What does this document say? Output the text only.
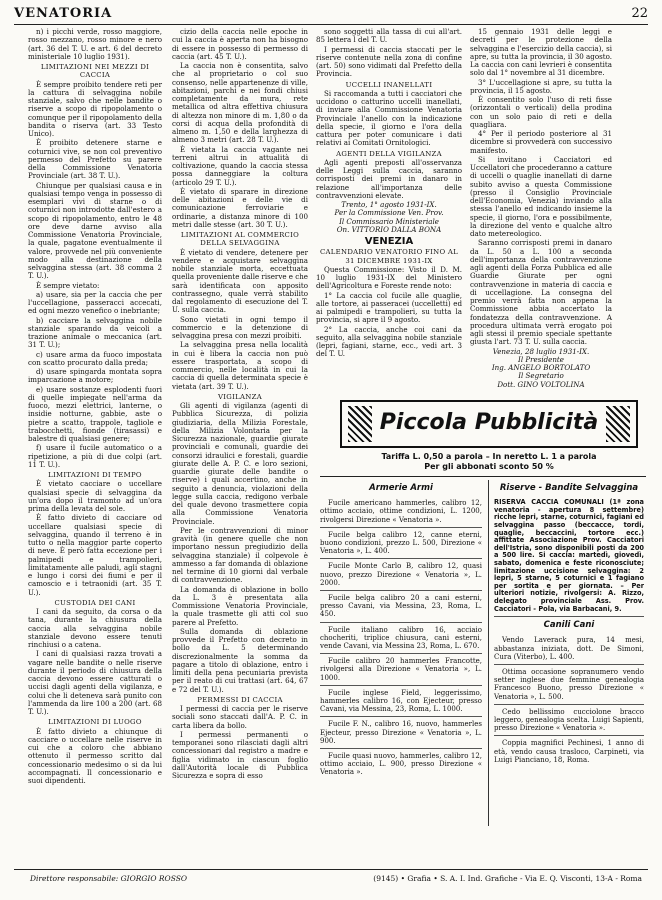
VENATORIA	22

n) i picchi verde, rosso maggiore, rosso mezzano, rosso minore e nero (art. 36 del T. U. e art. 6 del decreto ministeriale 10 luglio 1931).

LIMITAZIONI NEI MEZZI DI CACCIA

È sempre proibito tendere reti per la cattura di selvaggina nobile stanziale, salvo che nelle bandite o riserve a scopo di ripopolamento o comunque per il ripopolamento della bandita o riserva (art. 33 Testo Unico).

È proibito detenere starne e coturnici vive, se non col preventivo permesso del Prefetto su parere della Commissione Venatoria Provinciale (art. 38 T. U.).

Chiunque per qualsiasi causa e in qualsiasi tempo venga in possesso di esemplari vivi di starne o di coturnici non introdotte dall'estero a scopo di ripopolamento, entro le 48 ore deve darne avviso alla Commissione Venatoria Provinciale, la quale, pagatone eventualmente il valore, provvede nel più conveniente modo alla destinazione della selvaggina stessa (art. 38 comma 2 T. U.).

È sempre vietato:

a) usare, sia per la caccia che per l'uccellagione, passeracci accecati, ed ogni mezzo venefico o inebriante;

b) cacciare la selvaggina nobile stanziale sparando da veicoli a trazione animale o meccanica (art. 31 T. U.);

c) usare arma da fuoco impostata con scatto procurato dalla preda;

d) usare spingarda montata sopra imparcazione a motore;

e) usare sostanze esplodenti fuori di quelle impiegate nell'arma da fuoco, mezzi elettrici, lanterne, o insidie notturne, gabbie, aste o pietre a scatto, trappole, tagliole e trabocchetti, fionde (tirasassi) e balestre di qualsiasi genere;

f) usare il fucile automatico o a ripetizione, a più di due colpi (art. 11 T. U.).

LIMITAZIONI DI TEMPO

È vietato cacciare o uccellare qualsiasi specie di selvaggina da un'ora dopo il tramonto ad un'ora prima della levata del sole.

È fatto divieto di cacciare od uccellare qualsiasi specie di selvaggina, quando il terreno è in tutto o nella maggior parte coperto di neve. È però fatta eccezione per i palmipedi e trampolieri, limitatamente alle paludi, agli stagni e lungo i corsi dei fiumi e per il camoscio e i tetraonidi (art. 35 T. U.).

CUSTODIA DEI CANI

I cani da seguito, da corsa o da tana, durante la chiusura della caccia alla selvaggina nobile stanziale devono essere tenuti rinchiusi o a catena.

I cani di qualsiasi razza trovati a vagare nelle bandite o nelle riserve durante il periodo di chiusura della caccia devono essere catturati o uccisi dagli agenti della vigilanza, e colui che li deteneva sarà punito con l'ammenda da lire 100 a 200 (art. 68 T. U.).

LIMITAZIONI DI LUOGO

È fatto divieto a chiunque di cacciare o uccellare nelle riserve in cui che a coloro che abbiano ottenuto il permesso scritto dal concessionario medesimo o si da lui accompagnati. Il concessionario e suoi dipendenti.

cizio della caccia nelle epoche in cui la caccia è aperta non ha bisogno di essere in possesso di permesso di caccia (art. 45 T. U.).

La caccia non è consentita, salvo che al proprietario o col suo consenso, nelle appartenenze di ville, abitazioni, parchi e nei fondi chiusi completamente da mura, rete metallica od altra effettiva chiusura di altezza non minore di m. 1,80 o da corsi di acqua della profondità di almeno m. 1,50 e della larghezza di almeno 3 metri (art. 28 T. U.).

È vietata la caccia vagante nei terreni altrui in attualità di coltivazione, quando la caccia stessa possa danneggiare la coltura (articolo 29 T. U.).

È vietato di sparare in direzione delle abitazioni e delle vie di comunicazione ferroviarie e ordinarie, a distanza minore di 100 metri dalle stesse (art. 30 T. U.).

LIMITAZIONI AL COMMERCIO DELLA SELVAGGINA

È vietato di vendere, detenere per vendere e acquistare selvaggina nobile stanziale morta, eccettuata quella proveniente dalle riserve e che sarà identificata con apposito contrassegno, quale verrà stabilito dal regolamento di esecuzione del T. U. sulla caccia.

Sono vietati in ogni tempo il commercio e la detenzione di selvaggina presa con mezzi proibiti.

La selvaggina presa nella località in cui è libera la caccia non può essere trasportata, a scopo di commercio, nelle località in cui la caccia di quella determinata specie è vietata (art. 39 T. U.).

VIGILANZA

Gli agenti di vigilanza (agenti di Pubblica Sicurezza, di polizia giudiziaria, della Milizia Forestale, della Milizia Volontaria per la Sicurezza nazionale, guardie giurate provinciali e comunali, guardie dei consorzi idraulici e forestali, guardie giurate delle A. P. C. e loro sezioni, guardie giurate delle bandite o riserve) i quali accertino, anche in seguito a denuncia, violazioni della legge sulla caccia, redigono verbale del quale devono trasmettere copia alla Commissione Venatoria Provinciale.

Per le contravvenzioni di minor gravità (in genere quelle che non importano nessun pregiudizio della selvaggina stanziale) il colpevole è ammesso a far domanda di oblazione nel termine di 10 giorni dal verbale di contravvenzione.

La domanda di oblazione in bollo da L. 3 è presentata alla Commissione Venatoria Provinciale, la quale trasmette gli atti col suo parere al Prefetto.

Sulla domanda di oblazione provvede il Prefetto con decreto in bollo da L. 5 determinando discrezionalmente la somma da pagare a titolo di oblazione, entro i limiti della pena pecuniaria prevista per il reato di cui trattasi (art. 64, 67 e 72 del T. U.).

PERMESSI DI CACCIA

I permessi di caccia per le riserve sociali sono staccati dall'A. P. C. in carta libera da bollo.

I permessi permanenti o temporanei sono rilasciati dagli altri concessionari dal registro a madre e figlia vidimato in ciascun foglio dall'Autorità locale di Pubblica Sicurezza e sopra di esso

sono soggetti alla tassa di cui all'art. 85 lettera l del T. U.

I permessi di caccia staccati per le riserve contenute nella zona di confine (art. 50) sono vidimati dal Prefetto della Provincia.

UCCELLI INANELLATI

Si raccomanda a tutti i cacciatori che uccidono o catturino uccelli inanellati, di inviare alla Commissione Venatoria Provinciale l'anello con la indicazione della specie, il giorno e l'ora della cattura per poter comunicare i dati relativi ai Comitati Ornitologici.

AGENTI DELLA VIGILANZA

Agli agenti preposti all'osservanza delle Leggi sulla caccia, saranno corrisposti dei premi in danaro in relazione all'importanza delle contravvenzioni elevate.

Trento, 1° agosto 1931-IX.
Per la Commissione Ven. Prov.
Il Commissario Ministeriale
On. VITTORIO DALLA BONA
VENEZIA
CALENDARIO VENATORIO FINO AL 31 DICEMBRE 1931-IX

Questa Commissione: Visto il D. M. 10 luglio 1931-IX del Ministero dell'Agricoltura e Foreste rende noto:

1° La caccia col fucile alle quaglie, alle tortore, ai passeracei (uccelletti) ed ai palmipedi e trampolieri, su tutta la provincia, si apre il 9 agosto.

2° La caccia, anche coi cani da seguito, alla selvaggina nobile stanziale (lepri, fagiani, starne, ecc., vedi art. 3 del T. U.

15 gennaio 1931 delle leggi e decreti per le protezione della selvaggina e l'esercizio della caccia), si apre, su tutta la provincia, il 30 agosto. La caccia con cani levrieri è consentita solo dal 1° novembre al 31 dicembre.

3° L'uccellagione si apre, su tutta la provincia, il 15 agosto.

È consentito solo l'uso di reti fisse (orizzontali o verticali) della prodina con un solo paio di reti e della quagliara.

4° Per il periodo posteriore al 31 dicembre si provvederà con successivo manifesto.

Si invitano i Cacciatori ed Uccellatori che procederanno a catture di uccelli o quaglie inanellati di darne subito avviso a questa Commissione (presso il Consiglio Provinciale dell'Economia, Venezia) inviando alla stessa l'anello ed indicando insieme la specie, il giorno, l'ora e possibilmente, la direzione del vento e qualche altro dato metereologico.

Saranno corrisposti premi in danaro da L. 50 a L. 100 a seconda dell'importanza della contravvenzione agli agenti della Forza Pubblica ed alle Guardie Giurate per ogni contravvenzione in materia di caccia e di uccellagione. La consegna del premio verrà fatta non appena la Commissione abbia accertato la fondatezza della contravvenzione. A procedura ultimata verrà erogato poi agli stessi il premio speciale spettante giusta l'art. 73 T. U. sulla caccia.

Venezia, 28 luglio 1931-IX.
Il Presidente
Ing. ANGELO BORTOLATO
Il Segretario
Dott. GINO VOLTOLINA
Piccola Pubblicità
Tariffa L. 0,50 a parola – In neretto L. 1 a parola
Per gli abbonati sconto 50 %
Armerie Armi
Fucile americano hammerles, calibro 12, ottimo acciaio, ottime condizioni, L. 1200, rivolgersi Direzione « Venatoria ».
Fucile belga calibro 12, canne eterni, buono condizioni, prezzo L. 500, Direzione « Venatoria », L. 400.
Fucile Monte Carlo B, calibro 12, quasi nuovo, prezzo Direzione « Venatoria », L. 2000.
Fucile belga calibro 20 a cani esterni, presso Cavani, via Messina, 23, Roma, L. 450.
Fucile italiano calibro 16, acciaio chocheriti, triplice chiusura, cani esterni, vende Cavani, via Messina 23, Roma, L. 670.
Fucile calibro 20 hammerles Francotte, rivolgersi alla Direzione « Venatoria », L. 1000.
Fucile inglese Field, leggerissimo, hammerles calibro 16, con Ejecteur, presso Cavani, via Messina, 23, Roma, L. 1000.
Fucile F. N., calibro 16, nuovo, hammerles Ejecteur, presso Direzione « Venatoria », L. 900.
Fucile quasi nuovo, hammerles, calibro 12, ottimo acciaio, L. 900, presso Direzione « Venatoria ».
Riserve - Bandite Selvaggina
RISERVA CACCIA COMUNALI (1ª zona venatoria - apertura 8 settembre) ricche lepri, starne, coturnici, fagiani ed selvaggina passo (beccacce, tordi, quaglie, beccaccini, tortore ecc.) affittate Associazione Prov. Cacciatori dell'Istria, sono disponibili posti da 200 a 500 lire. Si caccia: martedì, giovedì, sabato, domenica e feste riconosciute; limitazione uccisione selvaggina: 2 lepri, 5 starne, 5 coturnici e 1 fagiano per sortita e per giornata. – Per ulteriori notizie, rivolgersi: A. Rizzo, delegato provinciale Ass. Prov. Cacciatori - Pola, via Barbacani, 9.
Canili Cani
Vendo Laverack pura, 14 mesi, abbastanza iniziata, dott. De Simoni, Cura (Viterbo), L. 400.
Ottima occasione sopranumero vendo setter inglese due femmine genealogia Francesco Buono, presso Direzione « Venatoria », L. 500.
Cedo bellissimo cucciolone bracco leggero, genealogia scelta. Luigi Sapienti, presso Direzione « Venatoria ».
Coppia magnifici Pechinesi, 1 anno di età, vendo causa trasloco, Carpineti, via Luigi Pianciano, 18, Roma.
Direttore responsabile: GIORGIO ROSSO	(9145) • Grafia • S. A. I. Ind. Grafiche - Via E. Q. Visconti, 13-A - Roma
